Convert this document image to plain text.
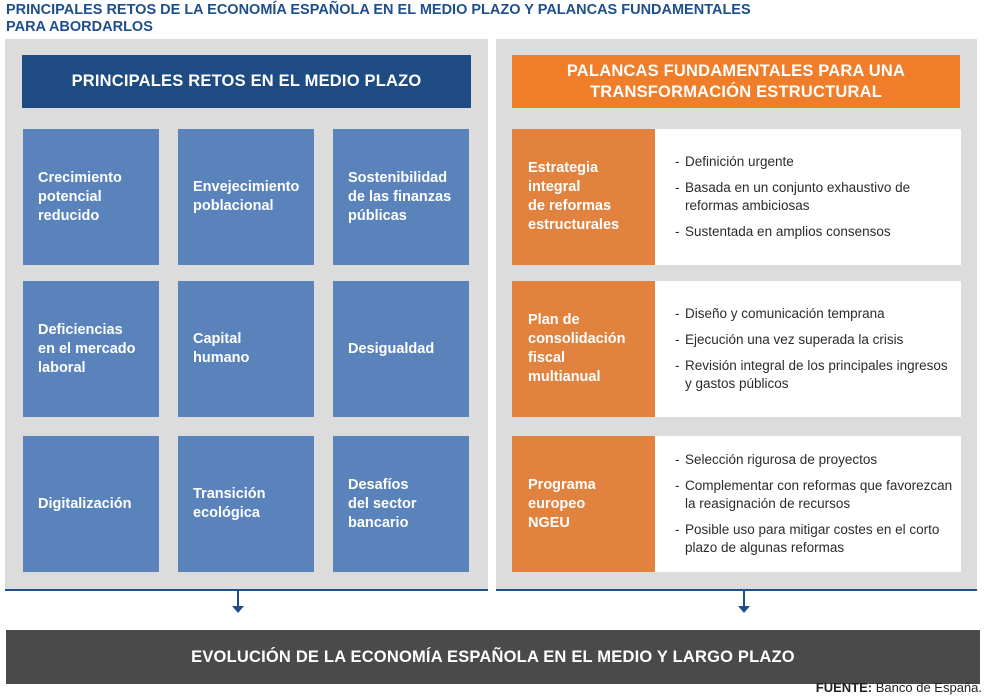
PRINCIPALES RETOS DE LA ECONOMÍA ESPAÑOLA EN EL MEDIO PLAZO Y PALANCAS FUNDAMENTALES
PARA ABORDARLOS
PRINCIPALES RETOS EN EL MEDIO PLAZO
PALANCAS FUNDAMENTALES PARA UNA
TRANSFORMACIÓN ESTRUCTURAL
Crecimiento
potencial
reducido
Envejecimiento
poblacional
Sostenibilidad
de las finanzas
públicas
Deficiencias
en el mercado
laboral
Capital
humano
Desigualdad
Digitalización
Transición
ecológica
Desafíos
del sector
bancario
Estrategia
integral
de reformas
estructurales
- Definición urgente
- Basada en un conjunto exhaustivo de reformas ambiciosas
- Sustentada en amplios consensos
Plan de
consolidación
fiscal
multianual
- Diseño y comunicación temprana
- Ejecución una vez superada la crisis
- Revisión integral de los principales ingresos y gastos públicos
Programa
europeo
NGEU
- Selección rigurosa de proyectos
- Complementar con reformas que favorezcan la reasignación de recursos
- Posible uso para mitigar costes en el corto plazo de algunas reformas
EVOLUCIÓN DE LA ECONOMÍA ESPAÑOLA EN EL MEDIO Y LARGO PLAZO
FUENTE: Banco de España.
